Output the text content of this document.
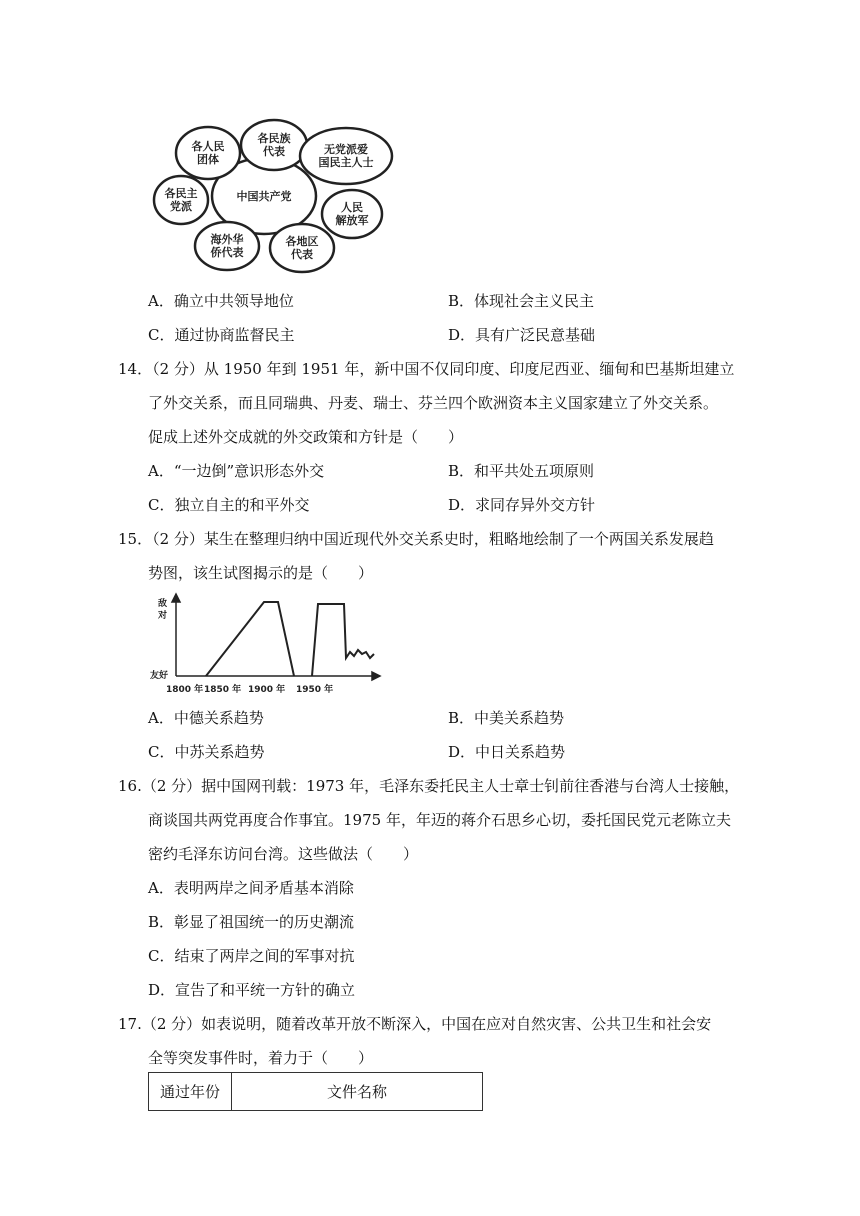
中国共产党
各民族代表	无党派爱国民主人士
人民解放军
各地区代表
海外华侨代表
各民主党派
各人民团体
A．确立中共领导地位	B．体现社会主义民主
C．通过协商监督民主	D．具有广泛民意基础
14．（2 分）从 1950 年到 1951 年，新中国不仅同印度、印度尼西亚、缅甸和巴基斯坦建立
了外交关系，而且同瑞典、丹麦、瑞士、芬兰四个欧洲资本主义国家建立了外交关系。
促成上述外交成就的外交政策和方针是（　　）
A．“一边倒”意识形态外交	B．和平共处五项原则
C．独立自主的和平外交	D．求同存异外交方针
15．（2 分）某生在整理归纳中国近现代外交关系史时，粗略地绘制了一个两国关系发展趋
势图，该生试图揭示的是（　　）
敌
对
友好
1800 年 1850 年 1900 年 1950 年
A．中德关系趋势	B．中美关系趋势
C．中苏关系趋势	D．中日关系趋势
16.（2 分）据中国网刊载：1973 年，毛泽东委托民主人士章士钊前往香港与台湾人士接触，
商谈国共两党再度合作事宜。1975 年，年迈的蒋介石思乡心切，委托国民党元老陈立夫
密约毛泽东访问台湾。这些做法（　　）
A．表明两岸之间矛盾基本消除
B．彰显了祖国统一的历史潮流
C．结束了两岸之间的军事对抗
D．宣告了和平统一方针的确立
17.（2 分）如表说明，随着改革开放不断深入，中国在应对自然灾害、公共卫生和社会安
全等突发事件时，着力于（　　）
通过年份	文件名称
